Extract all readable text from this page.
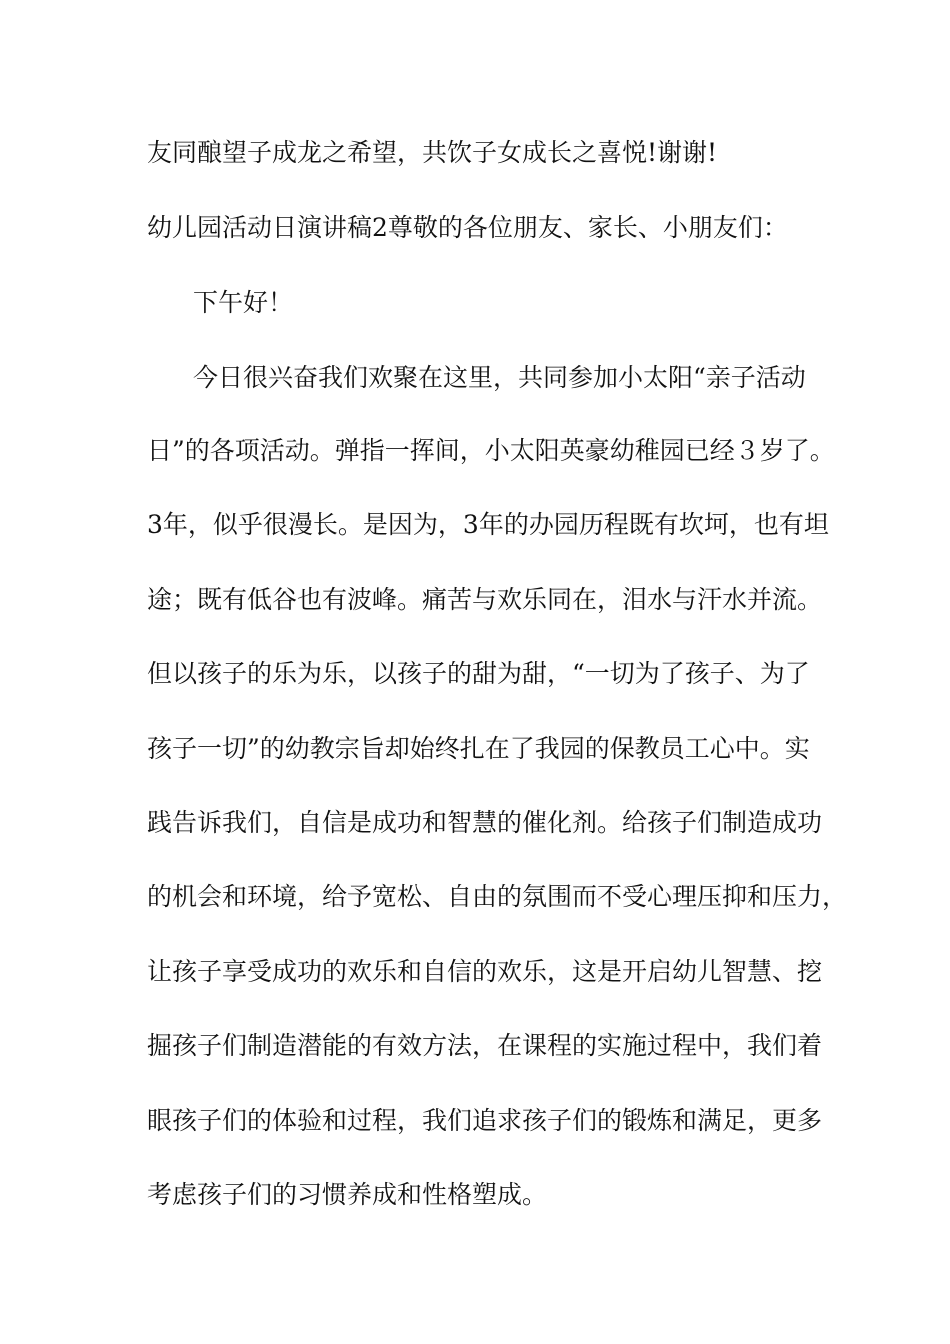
友同酿望子成龙之希望，共饮子女成长之喜悦!谢谢!

幼儿园活动日演讲稿2尊敬的各位朋友、家长、小朋友们：

下午好！

今日很兴奋我们欢聚在这里，共同参加小太阳“亲子活动

日”的各项活动。弹指一挥间，小太阳英豪幼稚园已经３岁了。

3年，似乎很漫长。是因为，3年的办园历程既有坎坷，也有坦

途；既有低谷也有波峰。痛苦与欢乐同在，泪水与汗水并流。

但以孩子的乐为乐，以孩子的甜为甜，“一切为了孩子、为了

孩子一切”的幼教宗旨却始终扎在了我园的保教员工心中。实

践告诉我们，自信是成功和智慧的催化剂。给孩子们制造成功

的机会和环境，给予宽松、自由的氛围而不受心理压抑和压力，

让孩子享受成功的欢乐和自信的欢乐，这是开启幼儿智慧、挖

掘孩子们制造潜能的有效方法，在课程的实施过程中，我们着

眼孩子们的体验和过程，我们追求孩子们的锻炼和满足，更多

考虑孩子们的习惯养成和性格塑成。
